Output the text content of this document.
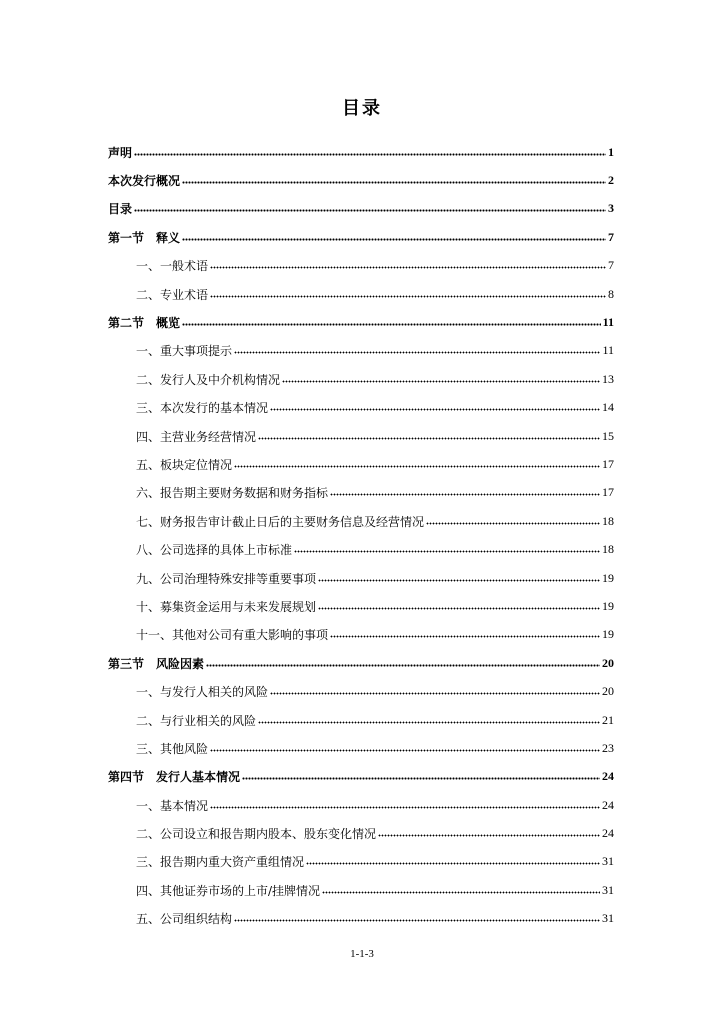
目录
声明	1
本次发行概况	2
目录	3
第一节　释义	7
一、一般术语	7
二、专业术语	8
第二节　概览	11
一、重大事项提示	11
二、发行人及中介机构情况	13
三、本次发行的基本情况	14
四、主营业务经营情况	15
五、板块定位情况	17
六、报告期主要财务数据和财务指标	17
七、财务报告审计截止日后的主要财务信息及经营情况	18
八、公司选择的具体上市标准	18
九、公司治理特殊安排等重要事项	19
十、募集资金运用与未来发展规划	19
十一、其他对公司有重大影响的事项	19
第三节　风险因素	20
一、与发行人相关的风险	20
二、与行业相关的风险	21
三、其他风险	23
第四节　发行人基本情况	24
一、基本情况	24
二、公司设立和报告期内股本、股东变化情况	24
三、报告期内重大资产重组情况	31
四、其他证券市场的上市/挂牌情况	31
五、公司组织结构	31
1-1-3
